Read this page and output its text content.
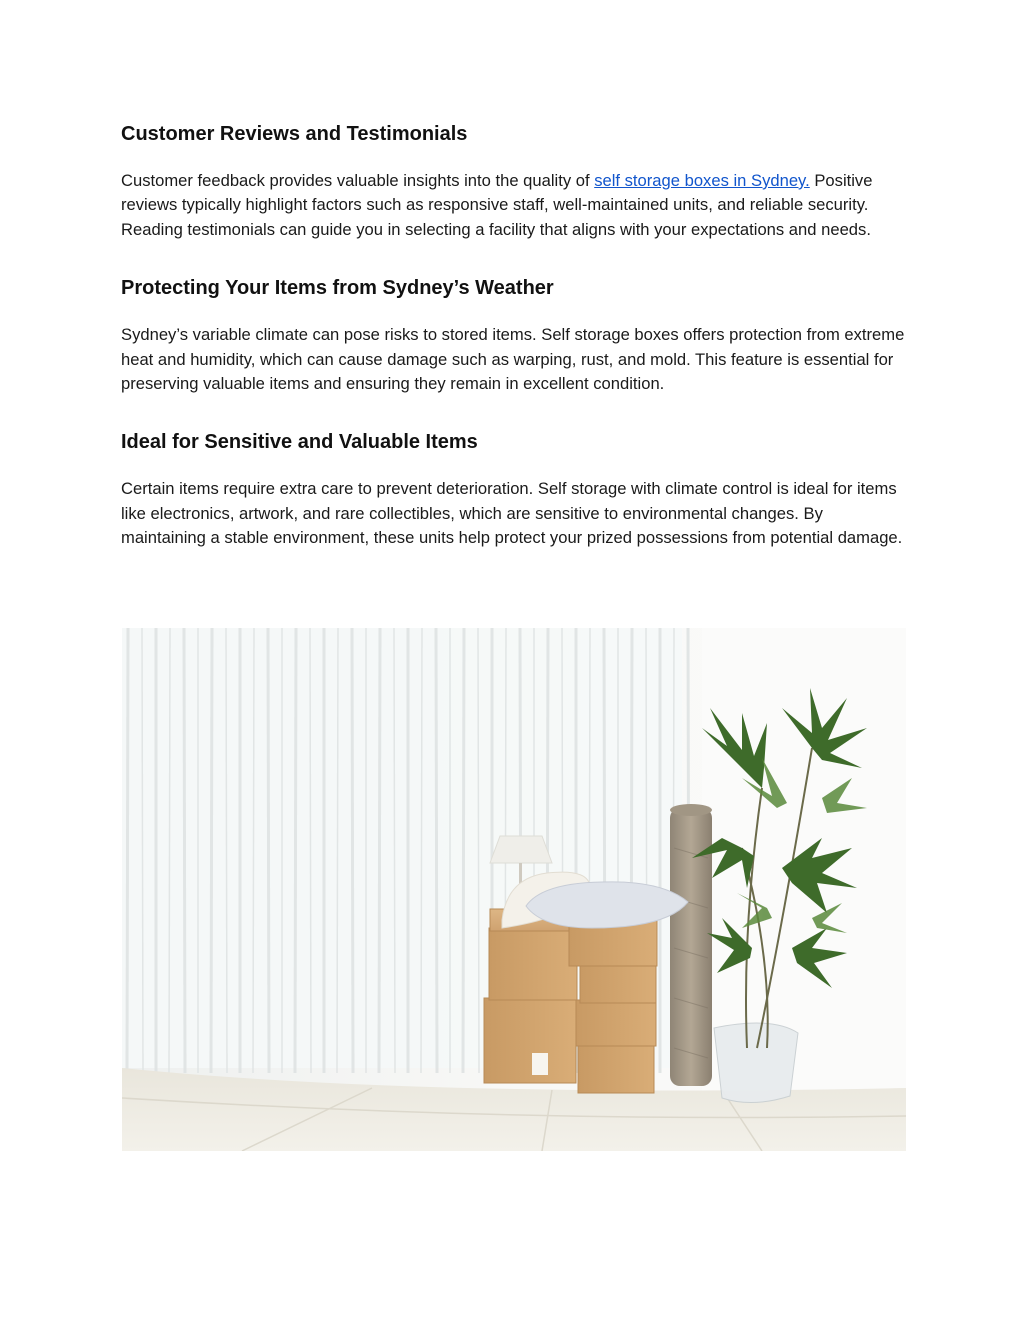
Customer Reviews and Testimonials

Customer feedback provides valuable insights into the quality of self storage boxes in Sydney. Positive reviews typically highlight factors such as responsive staff, well-maintained units, and reliable security. Reading testimonials can guide you in selecting a facility that aligns with your expectations and needs.

Protecting Your Items from Sydney’s Weather

Sydney’s variable climate can pose risks to stored items. Self storage boxes offers protection from extreme heat and humidity, which can cause damage such as warping, rust, and mold. This feature is essential for preserving valuable items and ensuring they remain in excellent condition.

Ideal for Sensitive and Valuable Items

Certain items require extra care to prevent deterioration. Self storage with climate control is ideal for items like electronics, artwork, and rare collectibles, which are sensitive to environmental changes. By maintaining a stable environment, these units help protect your prized possessions from potential damage.
